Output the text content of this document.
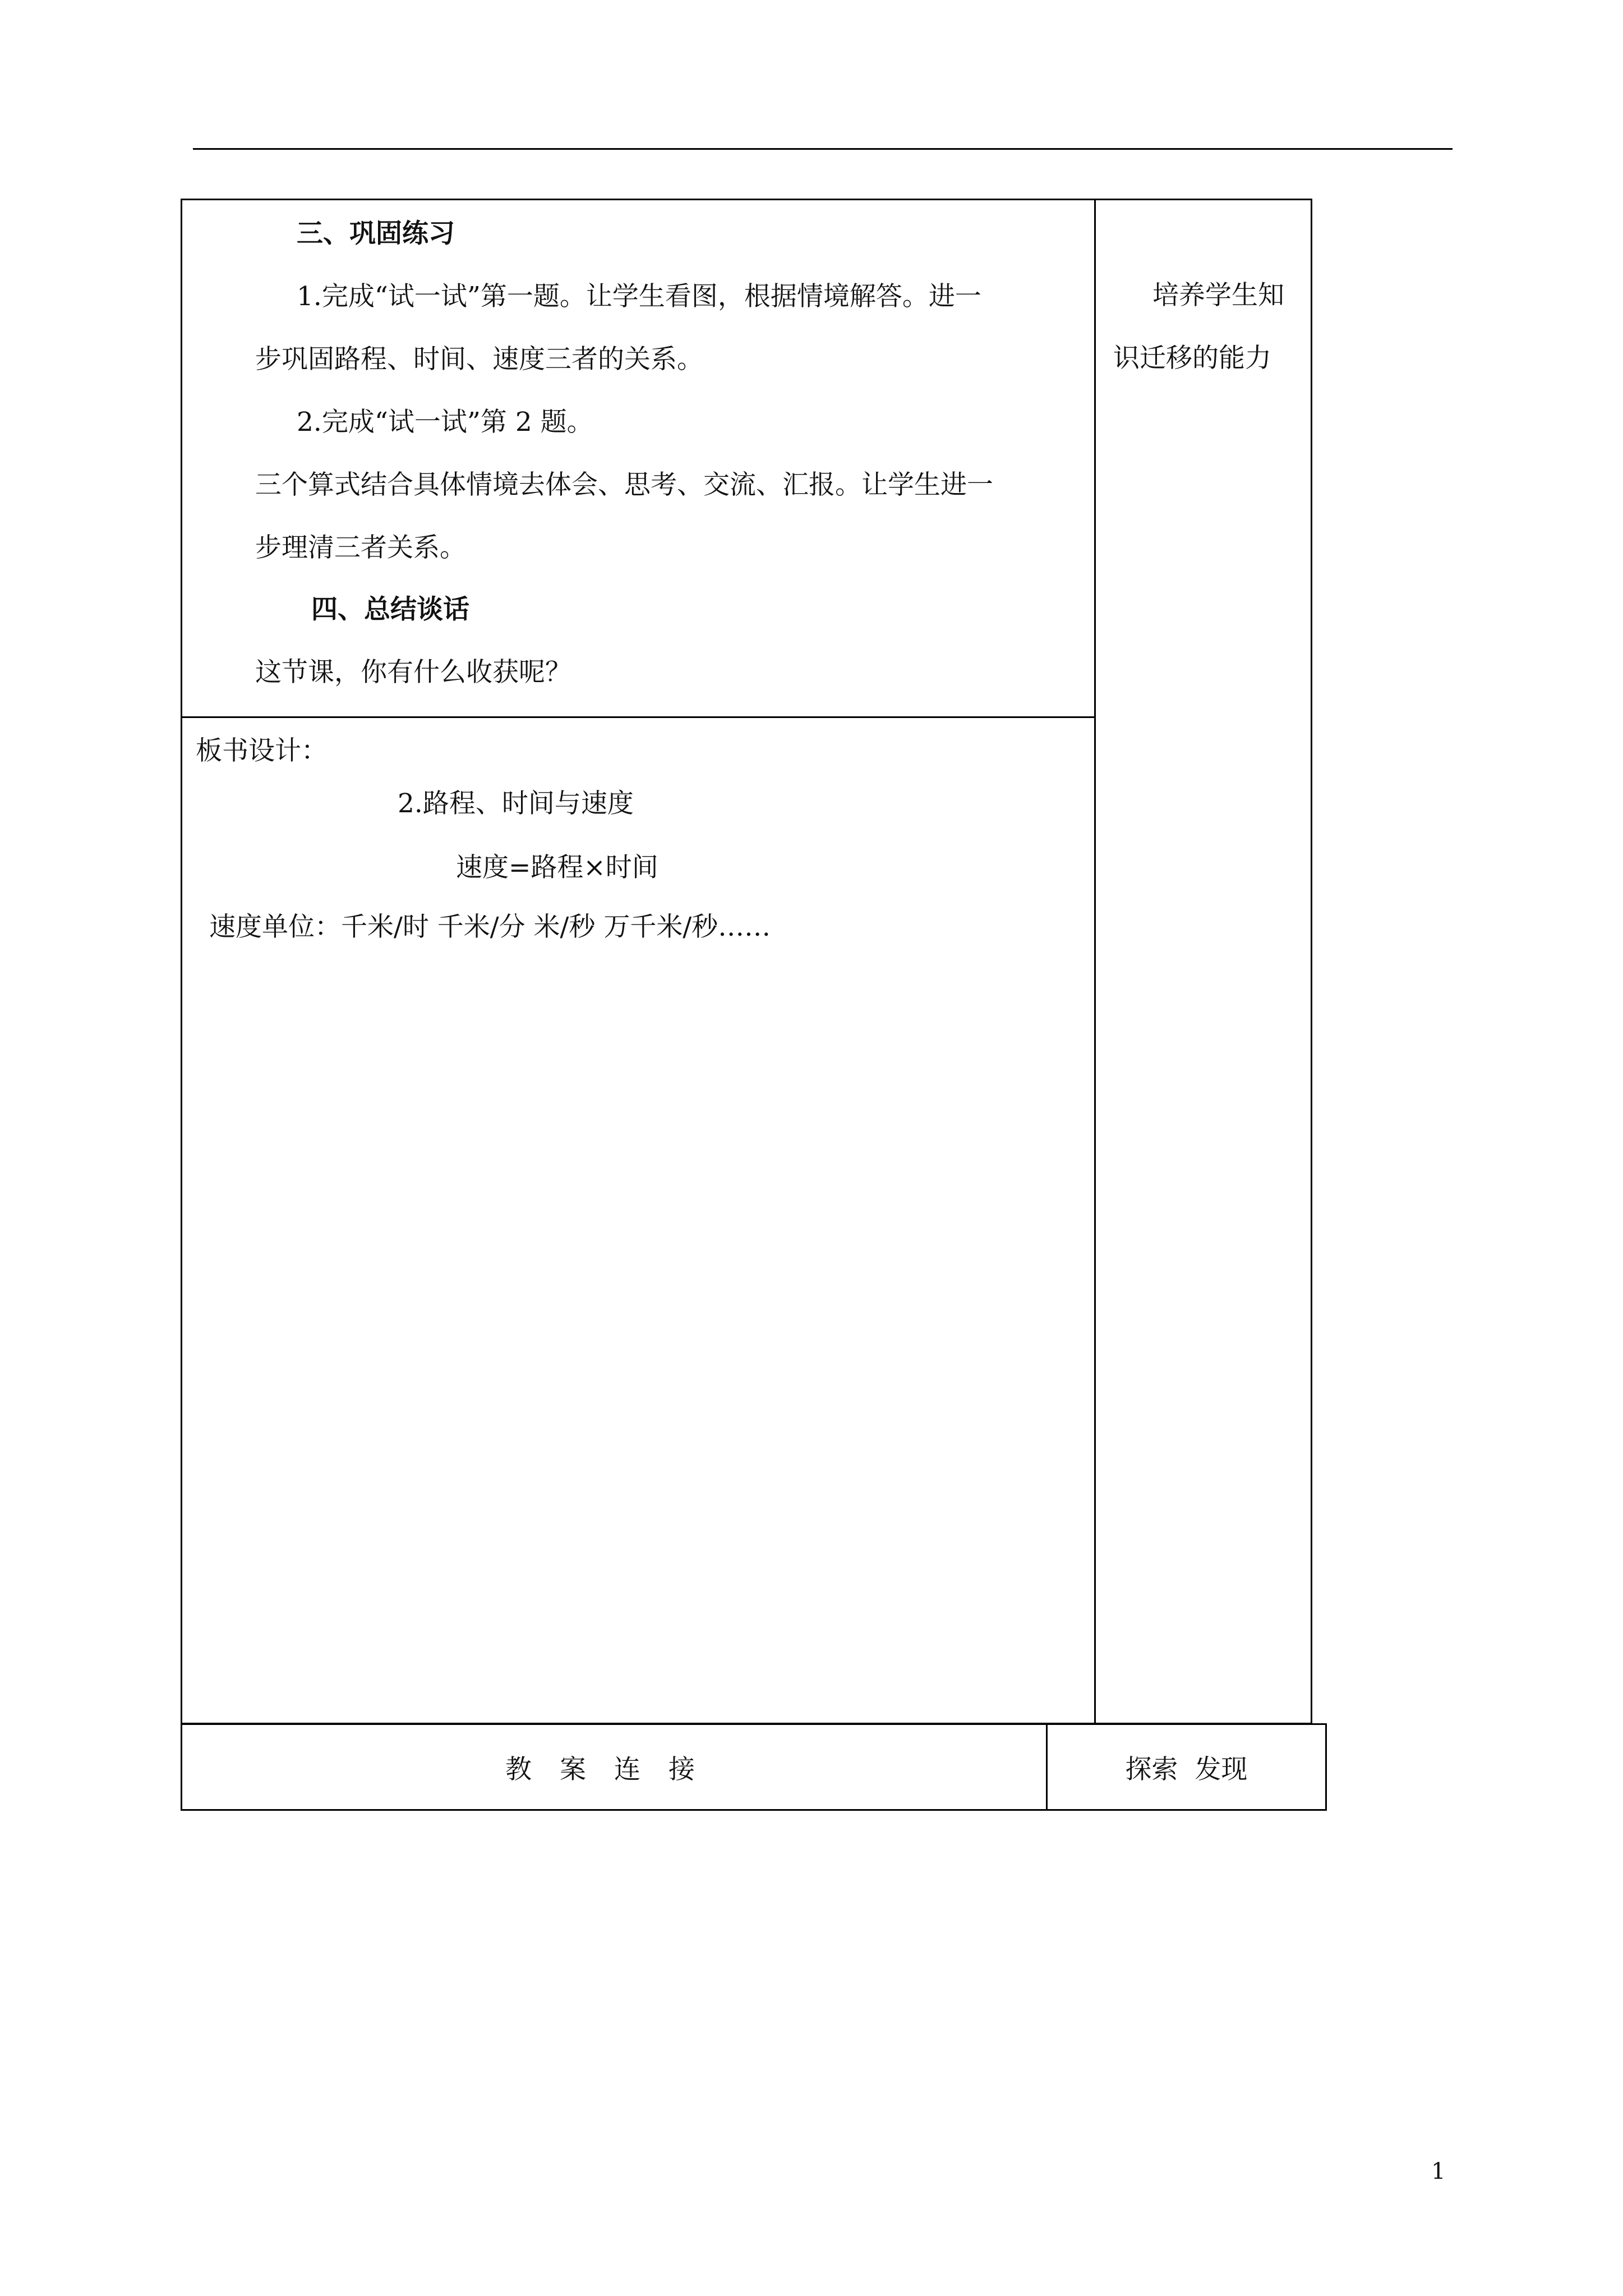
三、巩固练习
1.完成“试一试”第一题。让学生看图，根据情境解答。进一
步巩固路程、时间、速度三者的关系。
2.完成“试一试”第 2 题。
三个算式结合具体情境去体会、思考、交流、汇报。让学生进一
步理清三者关系。
四、总结谈话
这节课，你有什么收获呢？
培养学生知
识迁移的能力
板书设计：
2.路程、时间与速度
速度=路程×时间
速度单位：千米/时 千米/分 米/秒 万千米/秒……
教案连接	探索  发现
1
